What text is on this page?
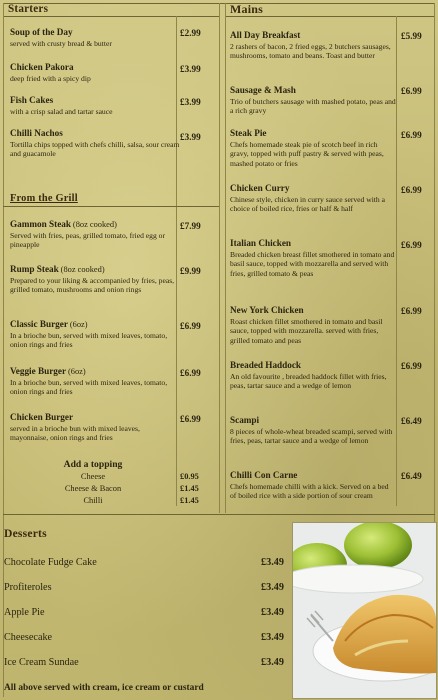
Starters
Soup of the Day
served with crusty bread & butter
£2.99
Chicken Pakora
deep fried with a spicy dip
£3.99
Fish Cakes
with a crisp salad and tartar sauce
£3.99
Chilli Nachos
Tortilla chips topped with chefs chilli, salsa, sour cream and guacamole
£3.99
From the Grill
Gammon Steak (8oz cooked)
Served with fries, peas, grilled tomato, fried egg or pineapple
£7.99
Rump Steak (8oz cooked)
Prepared to your liking & accompanied by fries, peas, grilled tomato, mushrooms and onion rings
£9.99
Classic Burger (6oz)
In a brioche bun, served with mixed leaves, tomato, onion rings and fries
£6.99
Veggie Burger (6oz)
In a brioche bun, served with mixed leaves, tomato, onion rings and fries
£6.99
Chicken Burger
served in a brioche bun with mixed leaves, mayonnaise, onion rings and fries
£6.99
Add a topping
Cheese	£0.95
Cheese & Bacon	£1.45
Chilli	£1.45
Mains
All Day Breakfast
2 rashers of bacon, 2 fried eggs, 2 butchers sausages, mushrooms, tomato and beans. Toast and butter
£5.99
Sausage & Mash
Trio of butchers sausage with mashed potato, peas and a rich gravy
£6.99
Steak Pie
Chefs homemade steak pie of scotch beef in rich gravy, topped with puff pastry & served with peas, mashed potato or fries
£6.99
Chicken Curry
Chinese style, chicken in curry sauce served with a choice of boiled rice, fries or half & half
£6.99
Italian Chicken
Breaded chicken breast fillet smothered in tomato and basil sauce, topped with mozzarella and served with fries, grilled tomato & peas
£6.99
New York Chicken
Roast chicken fillet smothered in tomato and basil sauce, topped with mozzarella. served with fries, grilled tomato and peas
£6.99
Breaded Haddock
An old favourite , breaded haddock fillet with fries, peas, tartar sauce and a wedge of lemon
£6.99
Scampi
8 pieces of whole-wheat breaded scampi, served with fries, peas, tartar sauce and a wedge of lemon
£6.49
Chilli Con Carne
Chefs homemade chilli with a kick. Served on a bed of boiled rice with a side portion of sour cream
£6.49
Desserts
Chocolate Fudge Cake	£3.49
Profiteroles	£3.49
Apple Pie	£3.49
Cheesecake	£3.49
Ice Cream Sundae	£3.49
All above served with cream, ice cream or custard
